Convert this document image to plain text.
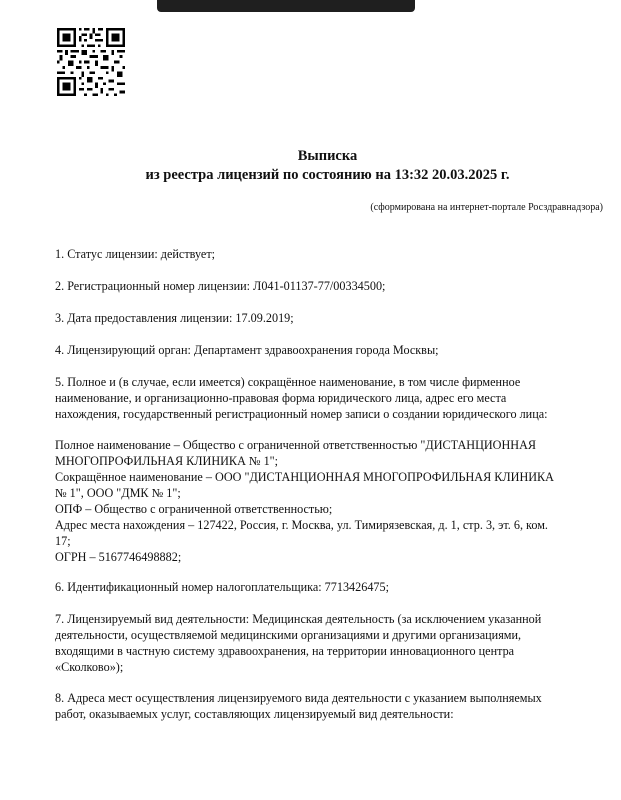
Выписка
из реестра лицензий по состоянию на 13:32 20.03.2025 г.
(сформирована на интернет-портале Росздравнадзора)
1. Статус лицензии: действует;
2. Регистрационный номер лицензии: Л041-01137-77/00334500;
3. Дата предоставления лицензии: 17.09.2019;
4. Лицензирующий орган: Департамент здравоохранения города Москвы;
5. Полное и (в случае, если имеется) сокращённое наименование, в том числе фирменное
наименование, и организационно-правовая форма юридического лица, адрес его места
нахождения, государственный регистрационный номер записи о создании юридического лица:
Полное наименование – Общество с ограниченной ответственностью "ДИСТАНЦИОННАЯ
МНОГОПРОФИЛЬНАЯ КЛИНИКА № 1";
Сокращённое наименование – ООО "ДИСТАНЦИОННАЯ МНОГОПРОФИЛЬНАЯ КЛИНИКА
№ 1", ООО "ДМК № 1";
ОПФ – Общество с ограниченной ответственностью;
Адрес места нахождения – 127422, Россия, г. Москва, ул. Тимирязевская, д. 1, стр. 3, эт. 6, ком.
17;
ОГРН – 5167746498882;
6. Идентификационный номер налогоплательщика: 7713426475;
7. Лицензируемый вид деятельности: Медицинская деятельность (за исключением указанной
деятельности, осуществляемой медицинскими организациями и другими организациями,
входящими в частную систему здравоохранения, на территории инновационного центра
«Сколково»);
8. Адреса мест осуществления лицензируемого вида деятельности с указанием выполняемых
работ, оказываемых услуг, составляющих лицензируемый вид деятельности:
